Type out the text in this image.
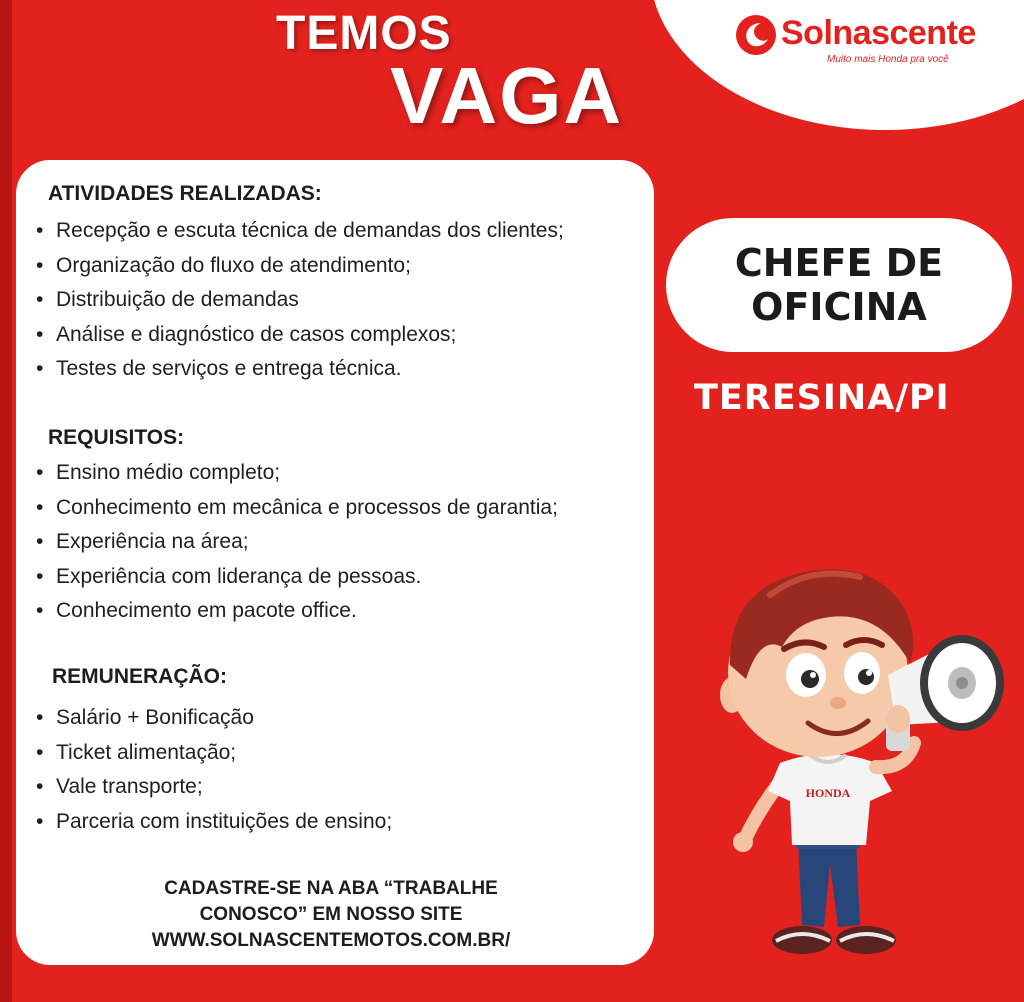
Solnascente
Muito mais Honda pra você
TEMOS
VAGA
ATIVIDADES REALIZADAS:
• Recepção e escuta técnica de demandas dos clientes;
• Organização do fluxo de atendimento;
• Distribuição de demandas
• Análise e diagnóstico de casos complexos;
• Testes de serviços e entrega técnica.
REQUISITOS:
• Ensino médio completo;
• Conhecimento em mecânica e processos de garantia;
• Experiência na área;
• Experiência com liderança de pessoas.
• Conhecimento em pacote office.
REMUNERAÇÃO:
• Salário + Bonificação
• Ticket alimentação;
• Vale transporte;
• Parceria com instituições de ensino;
CADASTRE-SE NA ABA “TRABALHE
CONOSCO” EM NOSSO SITE
WWW.SOLNASCENTEMOTOS.COM.BR/
CHEFE DE
OFICINA
TERESINA/PI
HONDA
